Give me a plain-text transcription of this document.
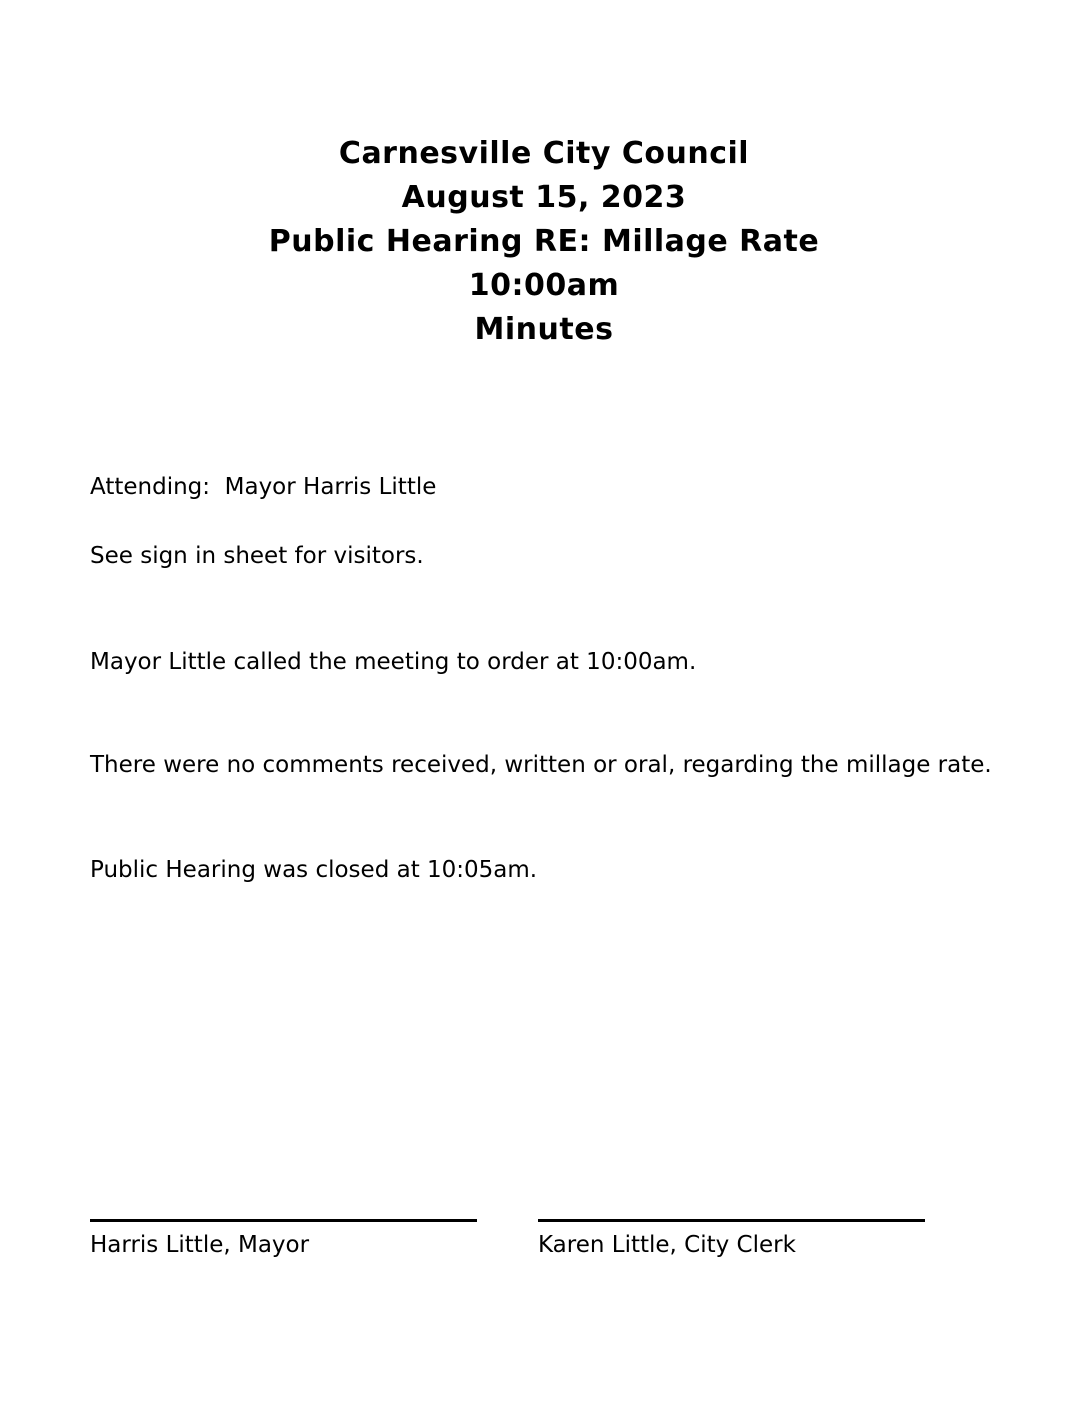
Carnesville City Council
August 15, 2023
Public Hearing RE: Millage Rate
10:00am
Minutes

Attending:  Mayor Harris Little

See sign in sheet for visitors.

Mayor Little called the meeting to order at 10:00am.

There were no comments received, written or oral, regarding the millage rate.

Public Hearing was closed at 10:05am.

Harris Little, Mayor	Karen Little, City Clerk
